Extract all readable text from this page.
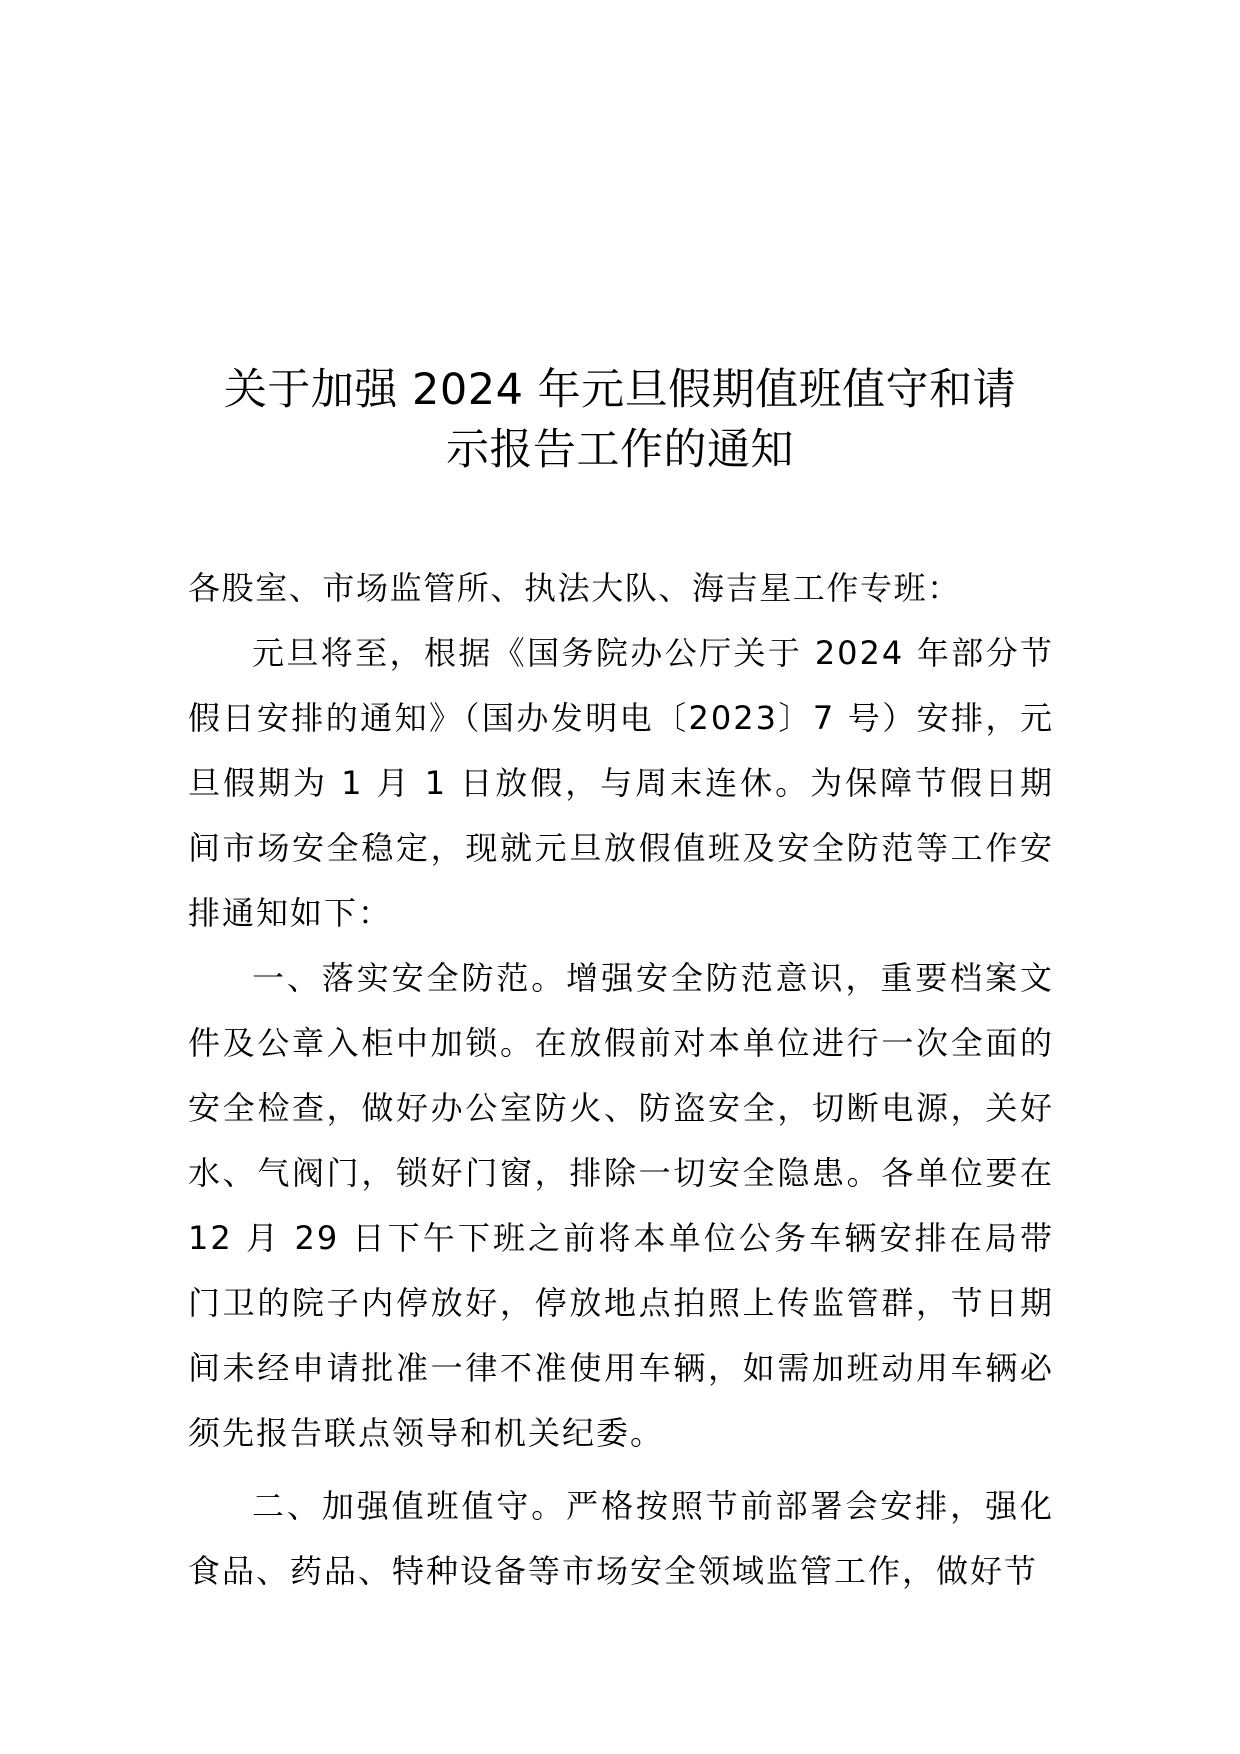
关于加强 2024 年元旦假期值班值守和请
示报告工作的通知

各股室、市场监管所、执法大队、海吉星工作专班：

元旦将至，根据《国务院办公厅关于 2024 年部分节假日安排的通知》（国办发明电〔2023〕7 号）安排，元旦假期为 1 月 1 日放假，与周末连休。为保障节假日期间市场安全稳定，现就元旦放假值班及安全防范等工作安排通知如下：

一、落实安全防范。增强安全防范意识，重要档案文件及公章入柜中加锁。在放假前对本单位进行一次全面的安全检查，做好办公室防火、防盗安全，切断电源，关好水、气阀门，锁好门窗，排除一切安全隐患。各单位要在 12 月 29 日下午下班之前将本单位公务车辆安排在局带门卫的院子内停放好，停放地点拍照上传监管群，节日期间未经申请批准一律不准使用车辆，如需加班动用车辆必须先报告联点领导和机关纪委。

二、加强值班值守。严格按照节前部署会安排，强化食品、药品、特种设备等市场安全领域监管工作，做好节
